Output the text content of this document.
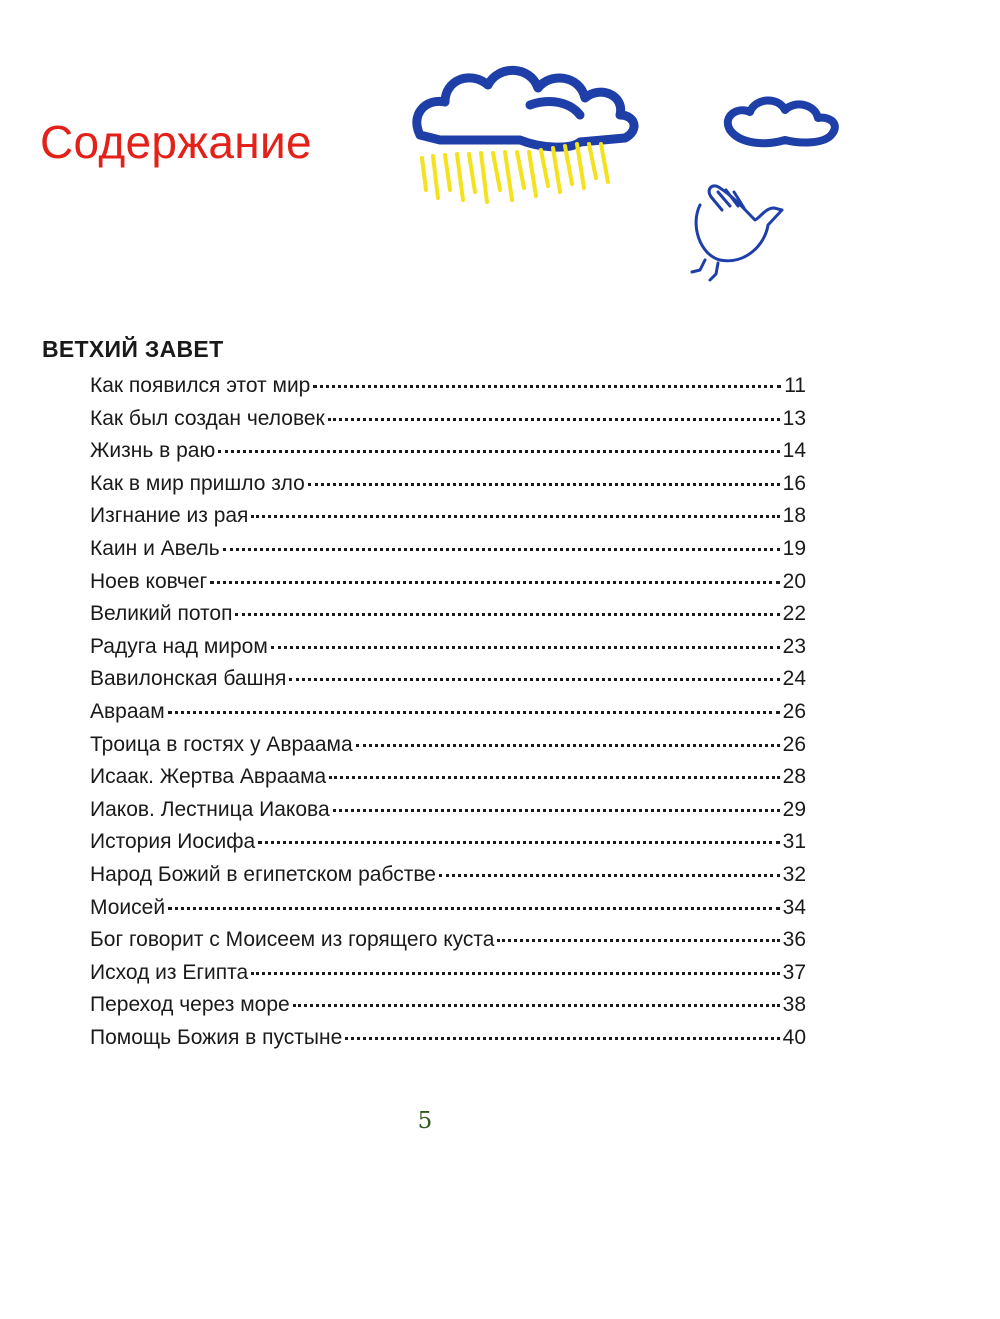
Содержание
ВЕТХИЙ ЗАВЕТ
Как появился этот мир	11
Как был создан человек	13
Жизнь в раю	14
Как в мир пришло зло	16
Изгнание из рая	18
Каин и Авель	19
Ноев ковчег	20
Великий потоп	22
Радуга над миром	23
Вавилонская башня	24
Авраам	26
Троица в гостях у Авраама	26
Исаак. Жертва Авраама	28
Иаков. Лестница Иакова	29
История Иосифа	31
Народ Божий в египетском рабстве	32
Моисей	34
Бог говорит с Моисеем из горящего куста	36
Исход из Египта	37
Переход через море	38
Помощь Божия в пустыне	40
5
